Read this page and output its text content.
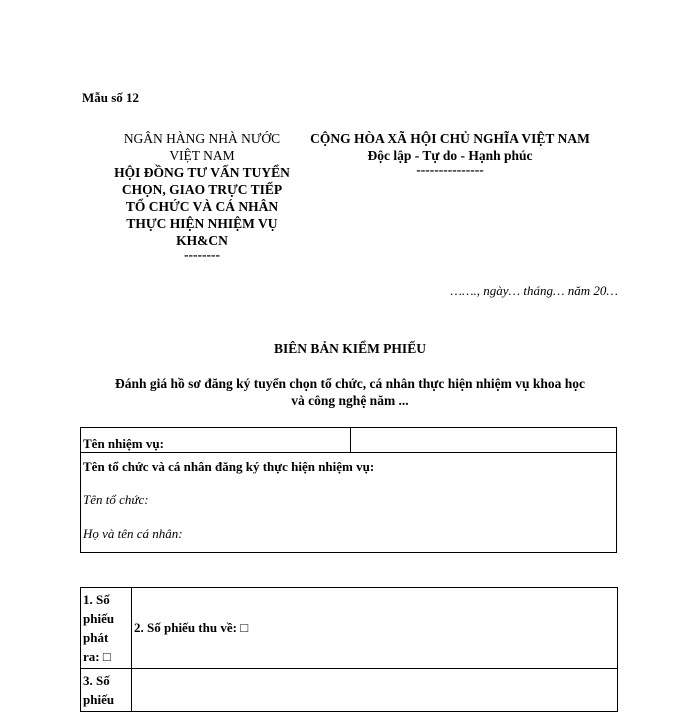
Mẫu số 12
NGÂN HÀNG NHÀ NƯỚC
VIỆT NAM
HỘI ĐỒNG TƯ VẤN TUYỂN
CHỌN, GIAO TRỰC TIẾP
TỔ CHỨC VÀ CÁ NHÂN
THỰC HIỆN NHIỆM VỤ
KH&CN
--------
CỘNG HÒA XÃ HỘI CHỦ NGHĨA VIỆT NAM
Độc lập - Tự do - Hạnh phúc
---------------
……., ngày… tháng… năm 20…
BIÊN BẢN KIỂM PHIẾU
Đánh giá hồ sơ đăng ký tuyển chọn tổ chức, cá nhân thực hiện nhiệm vụ khoa học
và công nghệ năm ...
Tên nhiệm vụ:	

Tên tổ chức và cá nhân đăng ký thực hiện nhiệm vụ:
Tên tổ chức:
Họ và tên cá nhân:
1. Số
phiếu
phát
ra: □	2. Số phiếu thu về: □

3. Số
phiếu	
